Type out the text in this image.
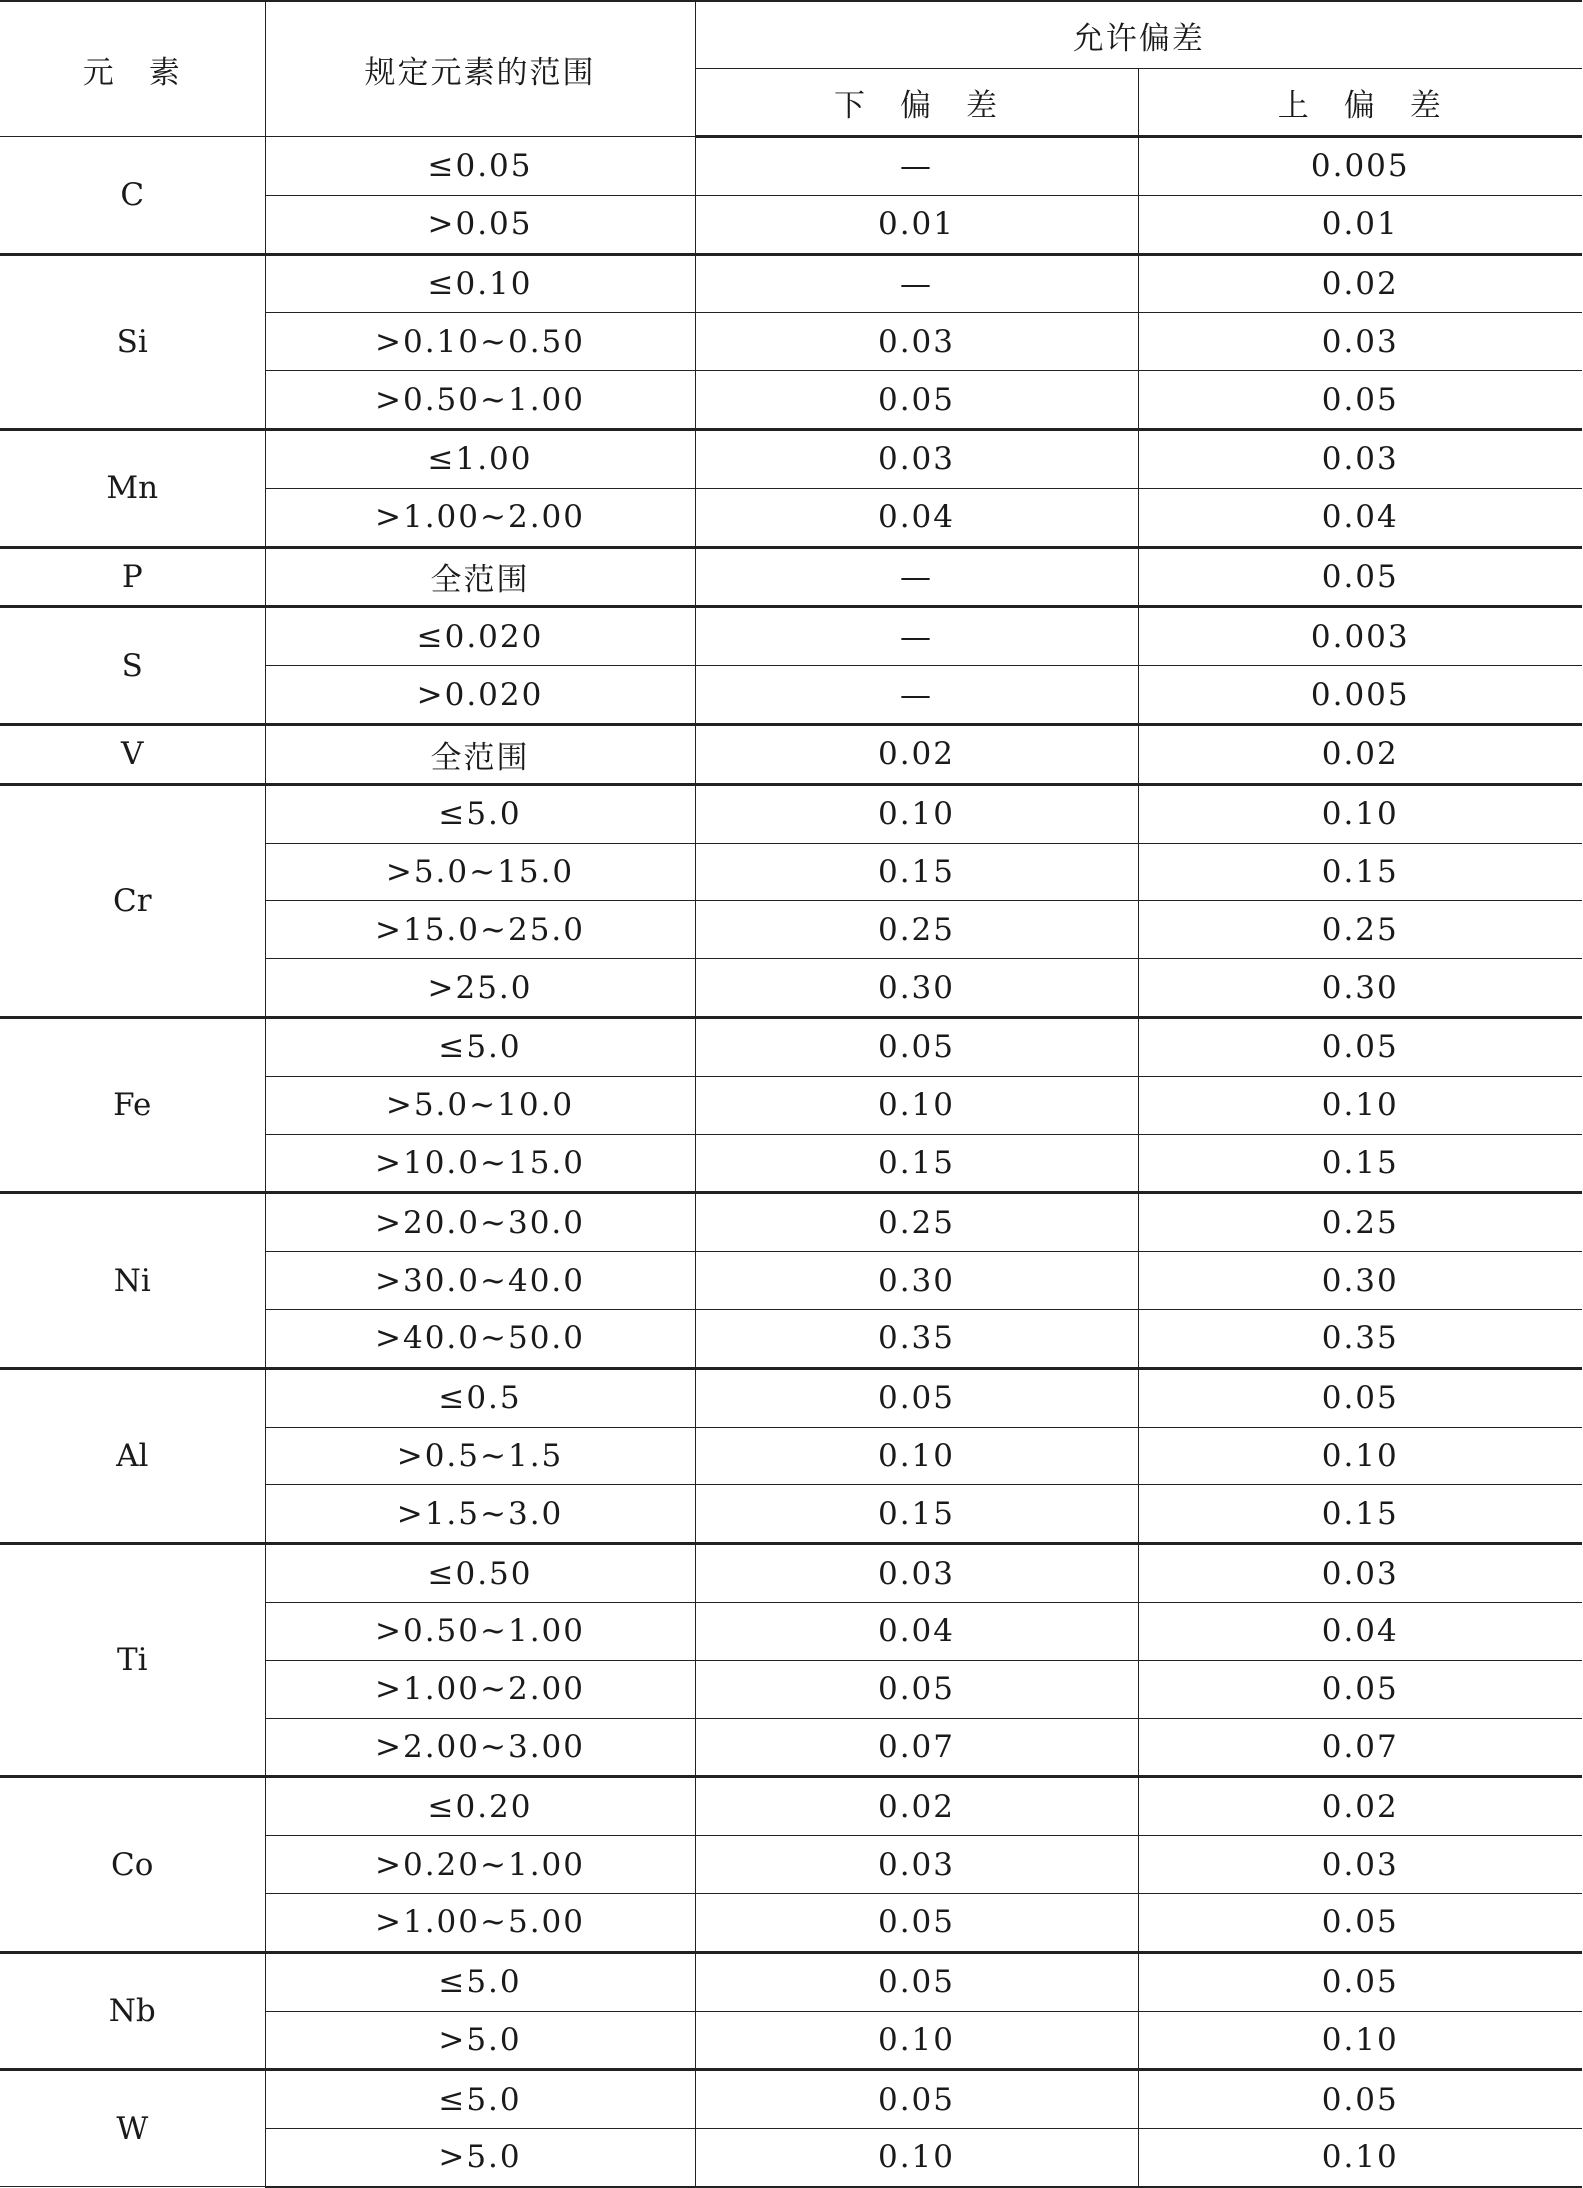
元　素	规定元素的范围	允许偏差	
		下　偏　差	上　偏　差
C	≤0.05	—	0.005
	>0.05	0.01	0.01
Si	≤0.10	—	0.02
	>0.10~0.50	0.03	0.03
	>0.50~1.00	0.05	0.05
Mn	≤1.00	0.03	0.03
	>1.00~2.00	0.04	0.04
P	全范围	—	0.05
S	≤0.020	—	0.003
	>0.020	—	0.005
V	全范围	0.02	0.02
Cr	≤5.0	0.10	0.10
	>5.0~15.0	0.15	0.15
	>15.0~25.0	0.25	0.25
	>25.0	0.30	0.30
Fe	≤5.0	0.05	0.05
	>5.0~10.0	0.10	0.10
	>10.0~15.0	0.15	0.15
Ni	>20.0~30.0	0.25	0.25
	>30.0~40.0	0.30	0.30
	>40.0~50.0	0.35	0.35
Al	≤0.5	0.05	0.05
	>0.5~1.5	0.10	0.10
	>1.5~3.0	0.15	0.15
Ti	≤0.50	0.03	0.03
	>0.50~1.00	0.04	0.04
	>1.00~2.00	0.05	0.05
	>2.00~3.00	0.07	0.07
Co	≤0.20	0.02	0.02
	>0.20~1.00	0.03	0.03
	>1.00~5.00	0.05	0.05
Nb	≤5.0	0.05	0.05
	>5.0	0.10	0.10
W	≤5.0	0.05	0.05
	>5.0	0.10	0.10
